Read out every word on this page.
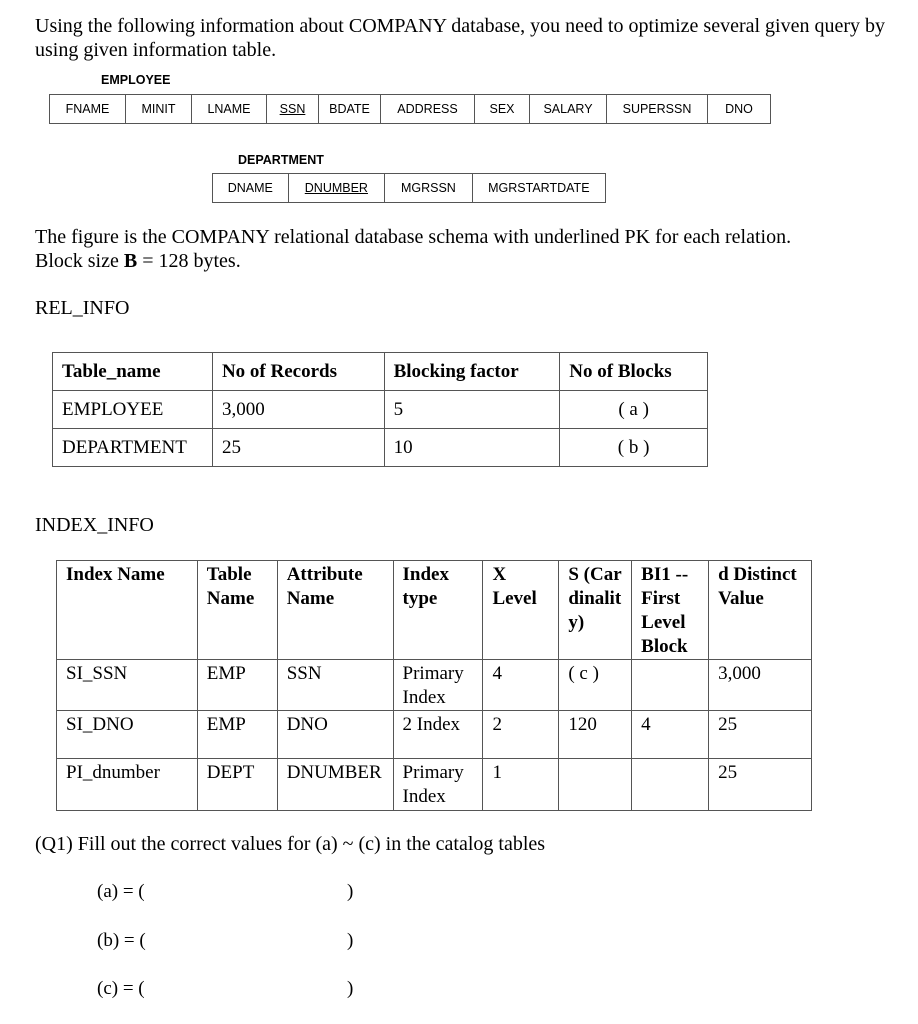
Using the following information about COMPANY database, you need to optimize several given query by using given information table.
EMPLOYEE
FNAME	MINIT	LNAME	SSN	BDATE	ADDRESS	SEX	SALARY	SUPERSSN	DNO
DEPARTMENT
DNAME	DNUMBER	MGRSSN	MGRSTARTDATE
The figure is the COMPANY relational database schema with underlined PK for each relation.
Block size B = 128 bytes.
REL_INFO
Table_name	No of Records	Blocking factor	No of Blocks
EMPLOYEE	3,000	5	( a )
DEPARTMENT	25	10	( b )
INDEX_INFO
Index Name	Table Name	Attribute Name	Index type	X Level	S (Cardinality)	BI1 -- First Level Block	d Distinct Value
SI_SSN	EMP	SSN	Primary Index	4	( c )		3,000
SI_DNO	EMP	DNO	2 Index	2	120	4	25
PI_dnumber	DEPT	DNUMBER	Primary Index	1			25
(Q1) Fill out the correct values for (a) ~ (c) in the catalog tables
(a) = (	)
(b) = (	)
(c) = (	)
